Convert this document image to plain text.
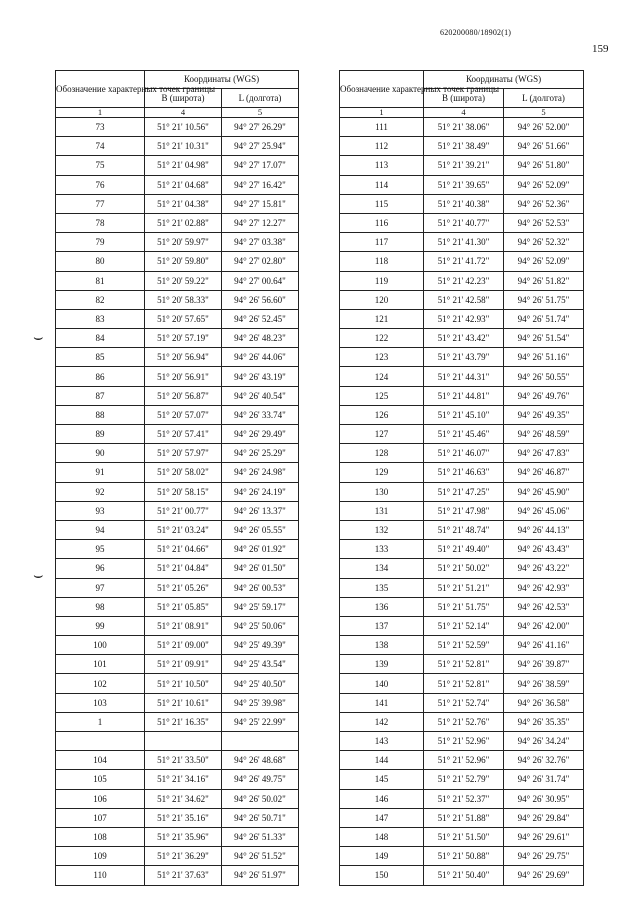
620200080/18902(1)
159
⌣
⌣
Обозначение характерных точек границы	Координаты (WGS)	
	B (широта)	L (долгота)
1	4	5
73	51° 21' 10.56"	94° 27' 26.29"
74	51° 21' 10.31"	94° 27' 25.94"
75	51° 21' 04.98"	94° 27' 17.07"
76	51° 21' 04.68"	94° 27' 16.42"
77	51° 21' 04.38"	94° 27' 15.81"
78	51° 21' 02.88"	94° 27' 12.27"
79	51° 20' 59.97"	94° 27' 03.38"
80	51° 20' 59.80"	94° 27' 02.80"
81	51° 20' 59.22"	94° 27' 00.64"
82	51° 20' 58.33"	94° 26' 56.60"
83	51° 20' 57.65"	94° 26' 52.45"
84	51° 20' 57.19"	94° 26' 48.23"
85	51° 20' 56.94"	94° 26' 44.06"
86	51° 20' 56.91"	94° 26' 43.19"
87	51° 20' 56.87"	94° 26' 40.54"
88	51° 20' 57.07"	94° 26' 33.74"
89	51° 20' 57.41"	94° 26' 29.49"
90	51° 20' 57.97"	94° 26' 25.29"
91	51° 20' 58.02"	94° 26' 24.98"
92	51° 20' 58.15"	94° 26' 24.19"
93	51° 21' 00.77"	94° 26' 13.37"
94	51° 21' 03.24"	94° 26' 05.55"
95	51° 21' 04.66"	94° 26' 01.92"
96	51° 21' 04.84"	94° 26' 01.50"
97	51° 21' 05.26"	94° 26' 00.53"
98	51° 21' 05.85"	94° 25' 59.17"
99	51° 21' 08.91"	94° 25' 50.06"
100	51° 21' 09.00"	94° 25' 49.39"
101	51° 21' 09.91"	94° 25' 43.54"
102	51° 21' 10.50"	94° 25' 40.50"
103	51° 21' 10.61"	94° 25' 39.98"
1	51° 21' 16.35"	94° 25' 22.99"

104	51° 21' 33.50"	94° 26' 48.68"
105	51° 21' 34.16"	94° 26' 49.75"
106	51° 21' 34.62"	94° 26' 50.02"
107	51° 21' 35.16"	94° 26' 50.71"
108	51° 21' 35.96"	94° 26' 51.33"
109	51° 21' 36.29"	94° 26' 51.52"
110	51° 21' 37.63"	94° 26' 51.97"
Обозначение характерных точек границы	Координаты (WGS)	
	B (широта)	L (долгота)
1	4	5
111	51° 21' 38.06"	94° 26' 52.00"
112	51° 21' 38.49"	94° 26' 51.66"
113	51° 21' 39.21"	94° 26' 51.80"
114	51° 21' 39.65"	94° 26' 52.09"
115	51° 21' 40.38"	94° 26' 52.36"
116	51° 21' 40.77"	94° 26' 52.53"
117	51° 21' 41.30"	94° 26' 52.32"
118	51° 21' 41.72"	94° 26' 52.09"
119	51° 21' 42.23"	94° 26' 51.82"
120	51° 21' 42.58"	94° 26' 51.75"
121	51° 21' 42.93"	94° 26' 51.74"
122	51° 21' 43.42"	94° 26' 51.54"
123	51° 21' 43.79"	94° 26' 51.16"
124	51° 21' 44.31"	94° 26' 50.55"
125	51° 21' 44.81"	94° 26' 49.76"
126	51° 21' 45.10"	94° 26' 49.35"
127	51° 21' 45.46"	94° 26' 48.59"
128	51° 21' 46.07"	94° 26' 47.83"
129	51° 21' 46.63"	94° 26' 46.87"
130	51° 21' 47.25"	94° 26' 45.90"
131	51° 21' 47.98"	94° 26' 45.06"
132	51° 21' 48.74"	94° 26' 44.13"
133	51° 21' 49.40"	94° 26' 43.43"
134	51° 21' 50.02"	94° 26' 43.22"
135	51° 21' 51.21"	94° 26' 42.93"
136	51° 21' 51.75"	94° 26' 42.53"
137	51° 21' 52.14"	94° 26' 42.00"
138	51° 21' 52.59"	94° 26' 41.16"
139	51° 21' 52.81"	94° 26' 39.87"
140	51° 21' 52.81"	94° 26' 38.59"
141	51° 21' 52.74"	94° 26' 36.58"
142	51° 21' 52.76"	94° 26' 35.35"
143	51° 21' 52.96"	94° 26' 34.24"
144	51° 21' 52.96"	94° 26' 32.76"
145	51° 21' 52.79"	94° 26' 31.74"
146	51° 21' 52.37"	94° 26' 30.95"
147	51° 21' 51.88"	94° 26' 29.84"
148	51° 21' 51.50"	94° 26' 29.61"
149	51° 21' 50.88"	94° 26' 29.75"
150	51° 21' 50.40"	94° 26' 29.69"
